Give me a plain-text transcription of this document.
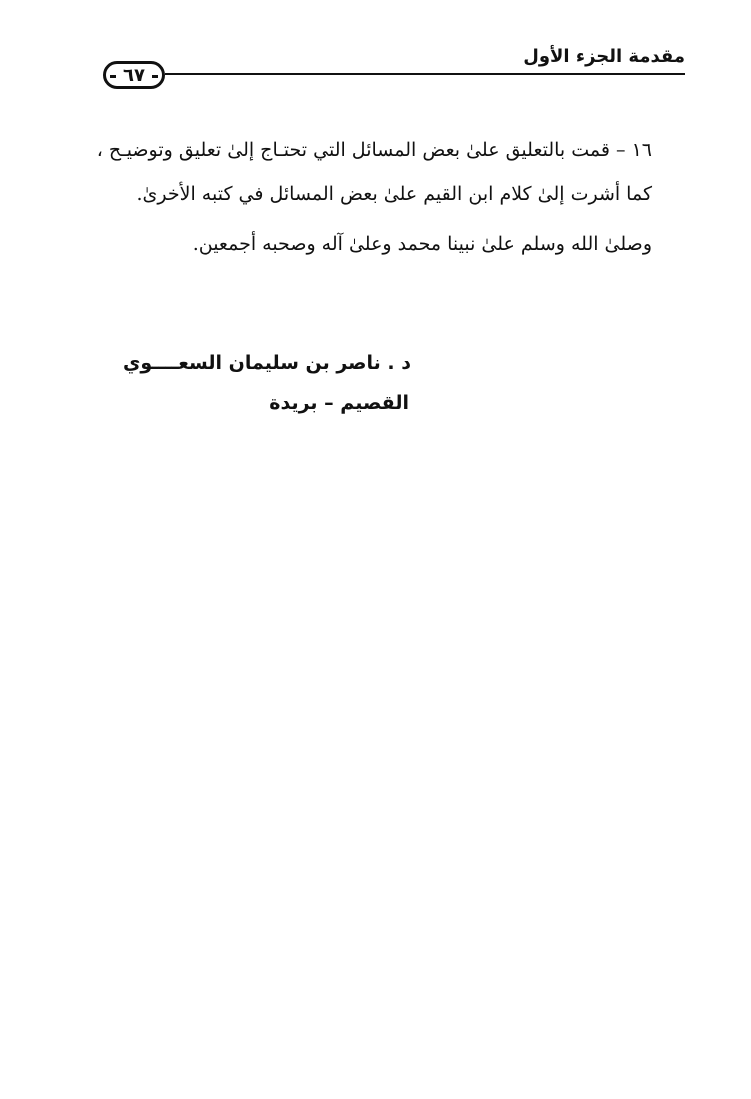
مقدمة الجزء الأول
٦٧
١٦ – قمت بالتعليق علىٰ بعض المسائل التي تحتـاج إلىٰ تعليق وتوضيـح ،
كما أشرت إلىٰ كلام ابن القيم علىٰ بعض المسائل في كتبه الأخرىٰ.
وصلىٰ الله وسلم علىٰ نبينا محمد وعلىٰ آله وصحبه أجمعين.
د . ناصر بن سليمان السعــــوي
القصيم – بريدة
